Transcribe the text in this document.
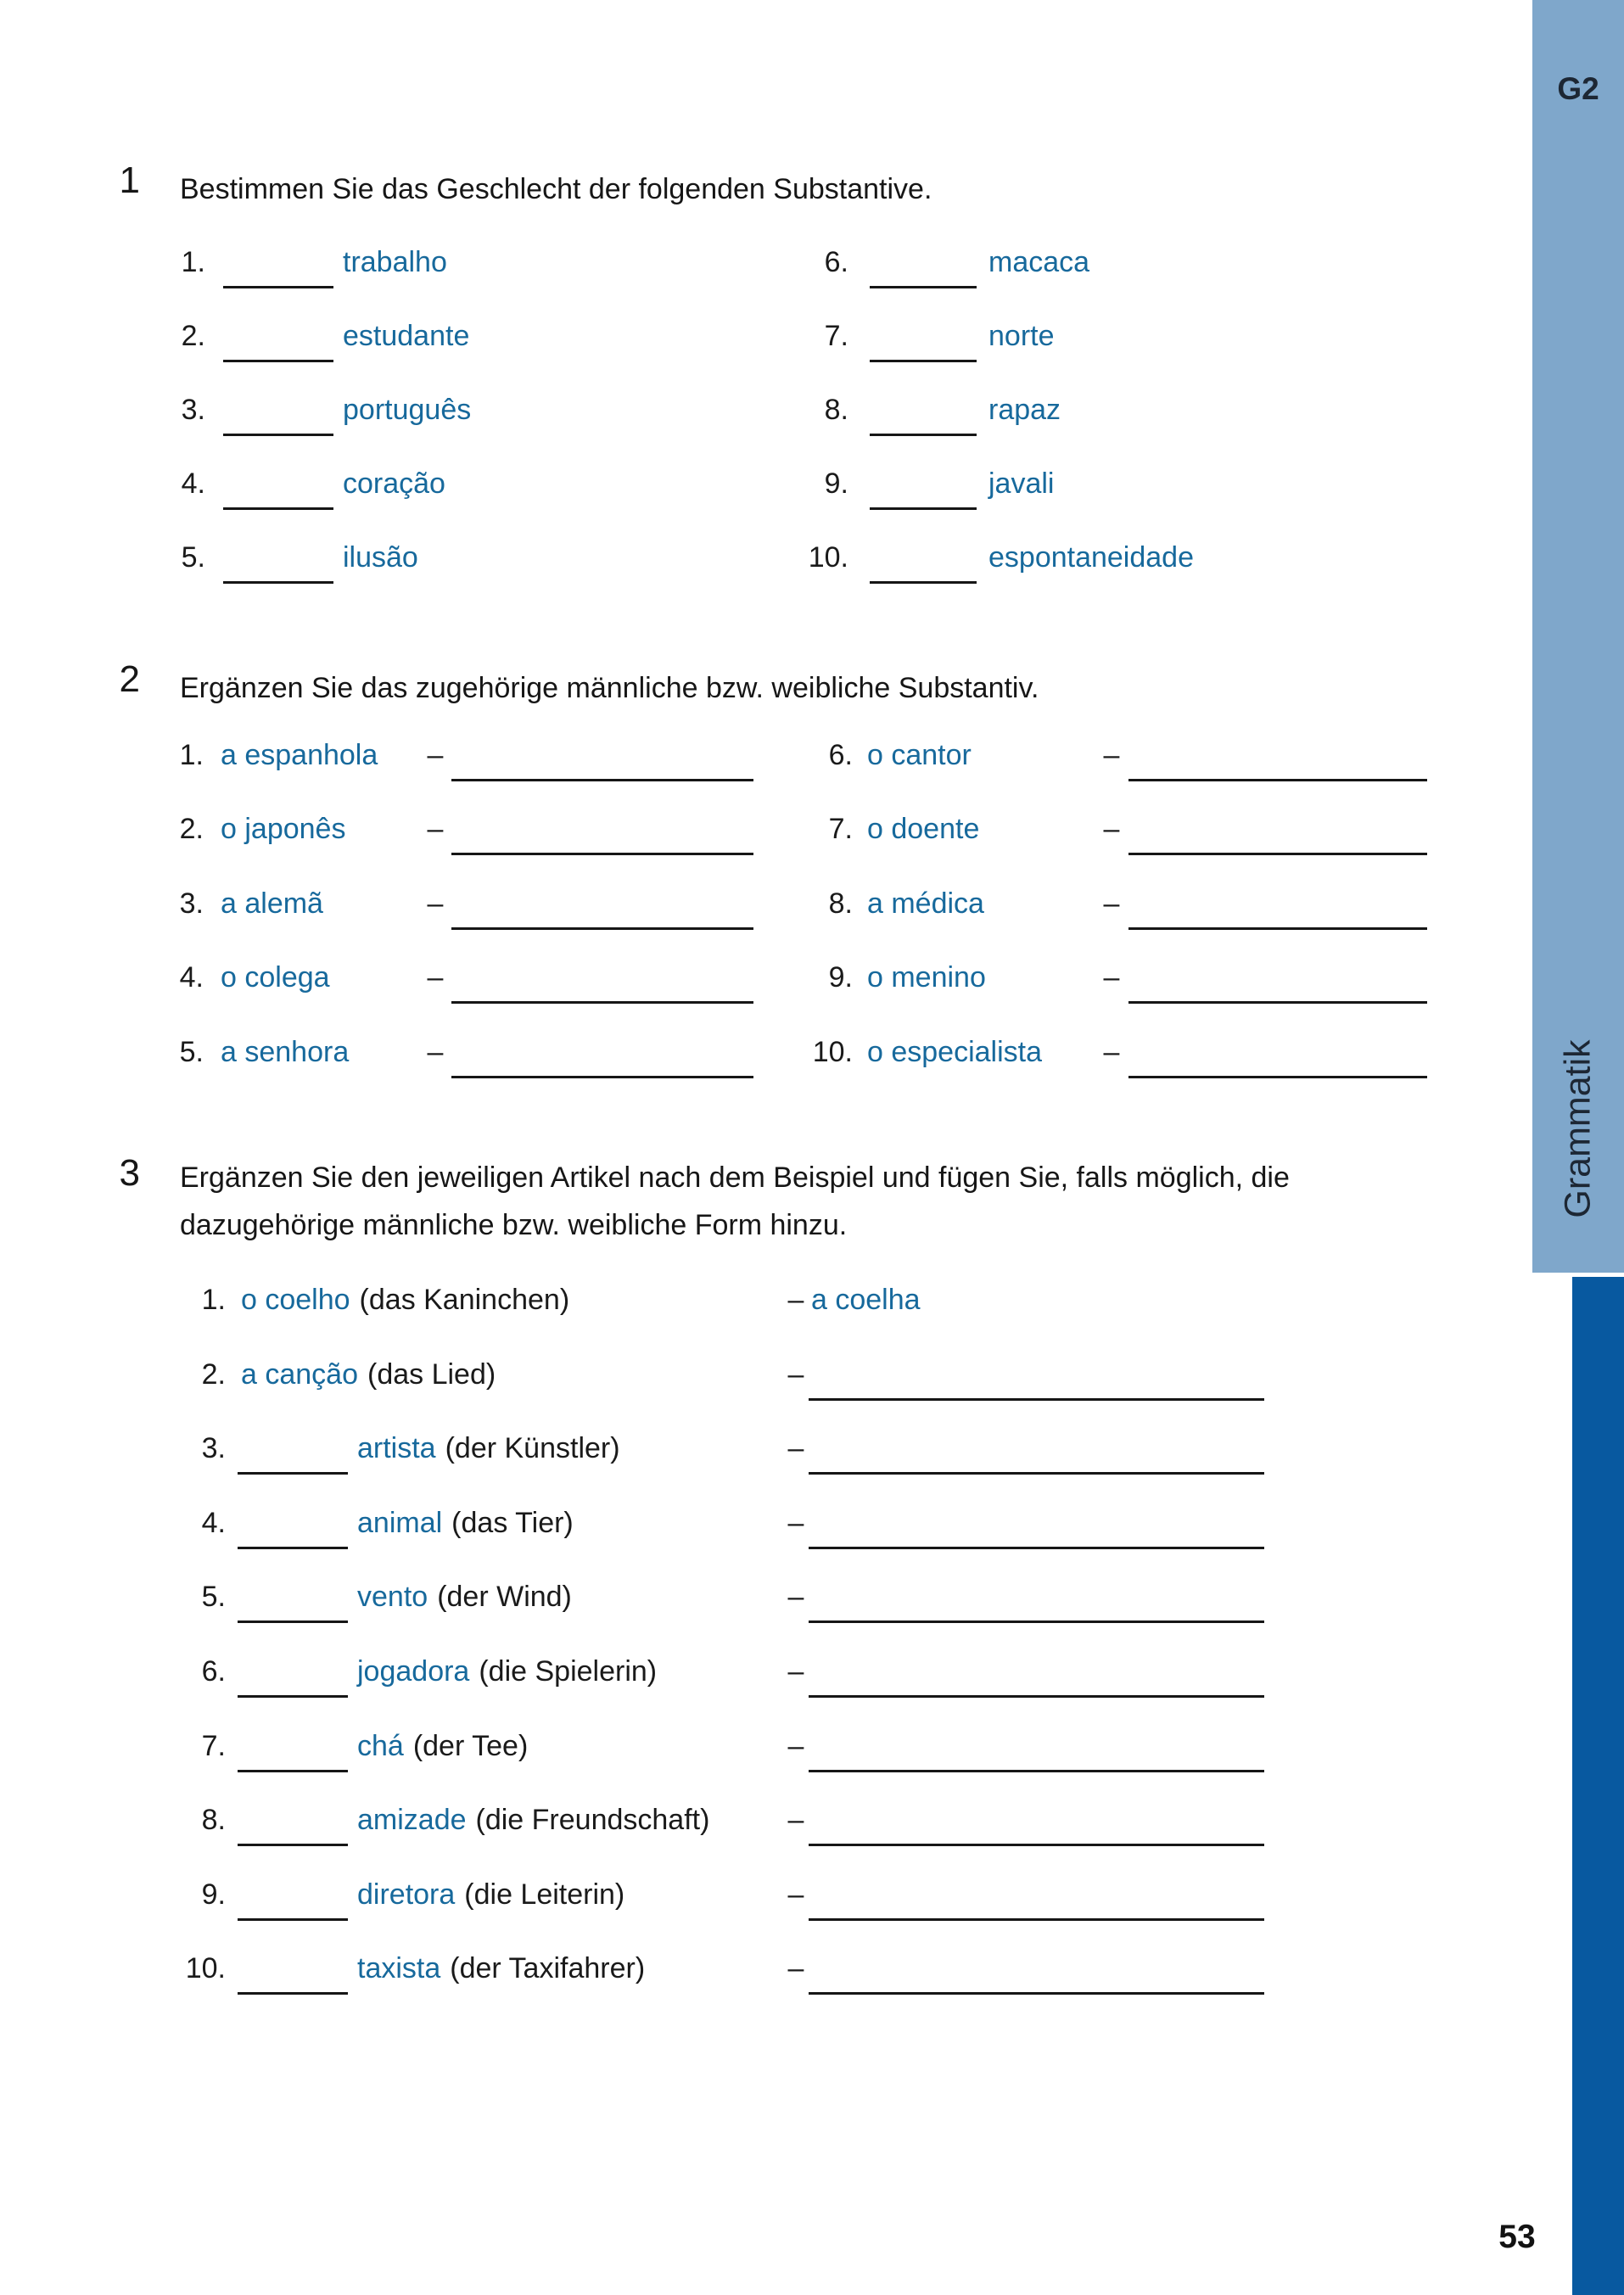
G2
Grammatik
53
1 Bestimmen Sie das Geschlecht der folgenden Substantive.
1.	trabalho
2.	estudante
3.	português
4.	coração
5.	ilusão
6.	macaca
7.	norte
8.	rapaz
9.	javali
10.	espontaneidade
2 Ergänzen Sie das zugehörige männliche bzw. weibliche Substantiv.
1. a espanhola –
2. o japonês	–
3. a alemã	–
4. o colega	–
5. a senhora	–
6. o cantor	–
7. o doente	–
8. a médica	–
9. o menino	–
10. o especialista –
3 Ergänzen Sie den jeweiligen Artikel nach dem Beispiel und fügen Sie, falls möglich, die
dazugehörige männliche bzw. weibliche Form hinzu.
1. o coelho (das Kaninchen)	– a coelha
2. a canção (das Lied)	–
3.	artista (der Künstler)	–
4.	animal (das Tier)	–
5.	vento (der Wind)	–
6.	jogadora (die Spielerin)	–
7.	chá (der Tee)	–
8.	amizade (die Freundschaft)	–
9.	diretora (die Leiterin)	–
10.	taxista (der Taxifahrer)	–
